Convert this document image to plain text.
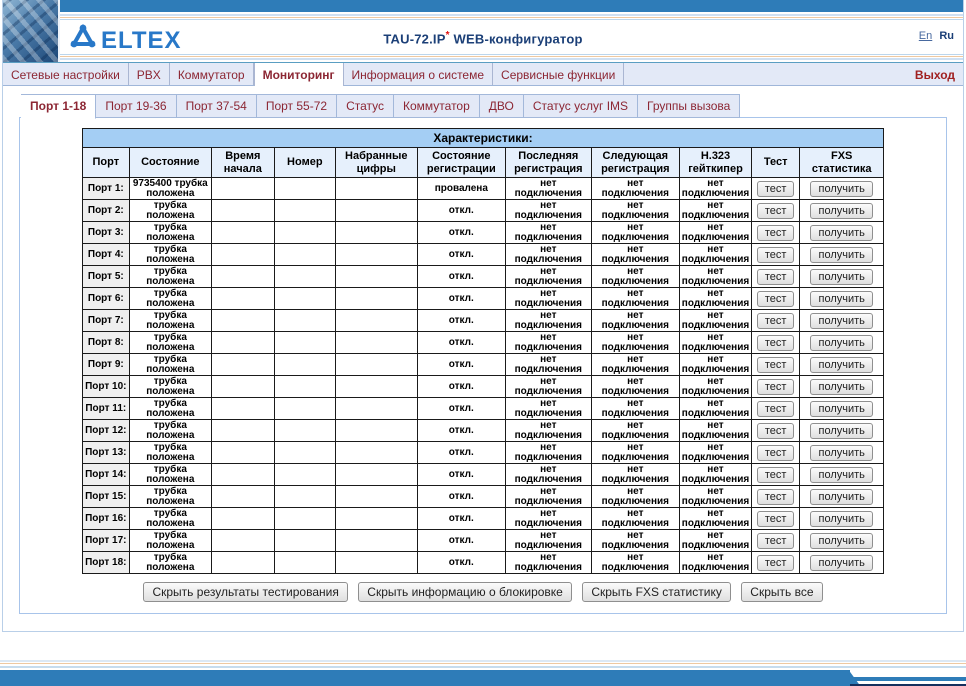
TAU-72.IP* WEB-конфигуратор	En Ru
ELTEX
Сетевые настройки	PBX	Коммутатор	Мониторинг	Информация о системе	Сервисные функции	Выход
Порт 1-18	Порт 19-36	Порт 37-54	Порт 55-72	Статус	Коммутатор	ДВО	Статус услуг IMS	Группы вызова
Характеристики:										
Порт	Состояние	Время начала	Номер	Набранные цифры	Состояние регистрации	Последняя регистрация	Следующая регистрация	H.323 гейткипер	Тест	FXS статистика
Порт 1:	9735400 трубка положена				провалена	нет подключения	нет подключения	нет подключения	тест	получить
Порт 2:	трубка положена				откл.	нет подключения	нет подключения	нет подключения	тест	получить
Порт 3:	трубка положена				откл.	нет подключения	нет подключения	нет подключения	тест	получить
Порт 4:	трубка положена				откл.	нет подключения	нет подключения	нет подключения	тест	получить
Порт 5:	трубка положена				откл.	нет подключения	нет подключения	нет подключения	тест	получить
Порт 6:	трубка положена				откл.	нет подключения	нет подключения	нет подключения	тест	получить
Порт 7:	трубка положена				откл.	нет подключения	нет подключения	нет подключения	тест	получить
Порт 8:	трубка положена				откл.	нет подключения	нет подключения	нет подключения	тест	получить
Порт 9:	трубка положена				откл.	нет подключения	нет подключения	нет подключения	тест	получить
Порт 10:	трубка положена				откл.	нет подключения	нет подключения	нет подключения	тест	получить
Порт 11:	трубка положена				откл.	нет подключения	нет подключения	нет подключения	тест	получить
Порт 12:	трубка положена				откл.	нет подключения	нет подключения	нет подключения	тест	получить
Порт 13:	трубка положена				откл.	нет подключения	нет подключения	нет подключения	тест	получить
Порт 14:	трубка положена				откл.	нет подключения	нет подключения	нет подключения	тест	получить
Порт 15:	трубка положена				откл.	нет подключения	нет подключения	нет подключения	тест	получить
Порт 16:	трубка положена				откл.	нет подключения	нет подключения	нет подключения	тест	получить
Порт 17:	трубка положена				откл.	нет подключения	нет подключения	нет подключения	тест	получить
Порт 18:	трубка положена				откл.	нет подключения	нет подключения	нет подключения	тест	получить
Скрыть результаты тестирования Скрыть информацию о блокировке Скрыть FXS статистику Скрыть все
